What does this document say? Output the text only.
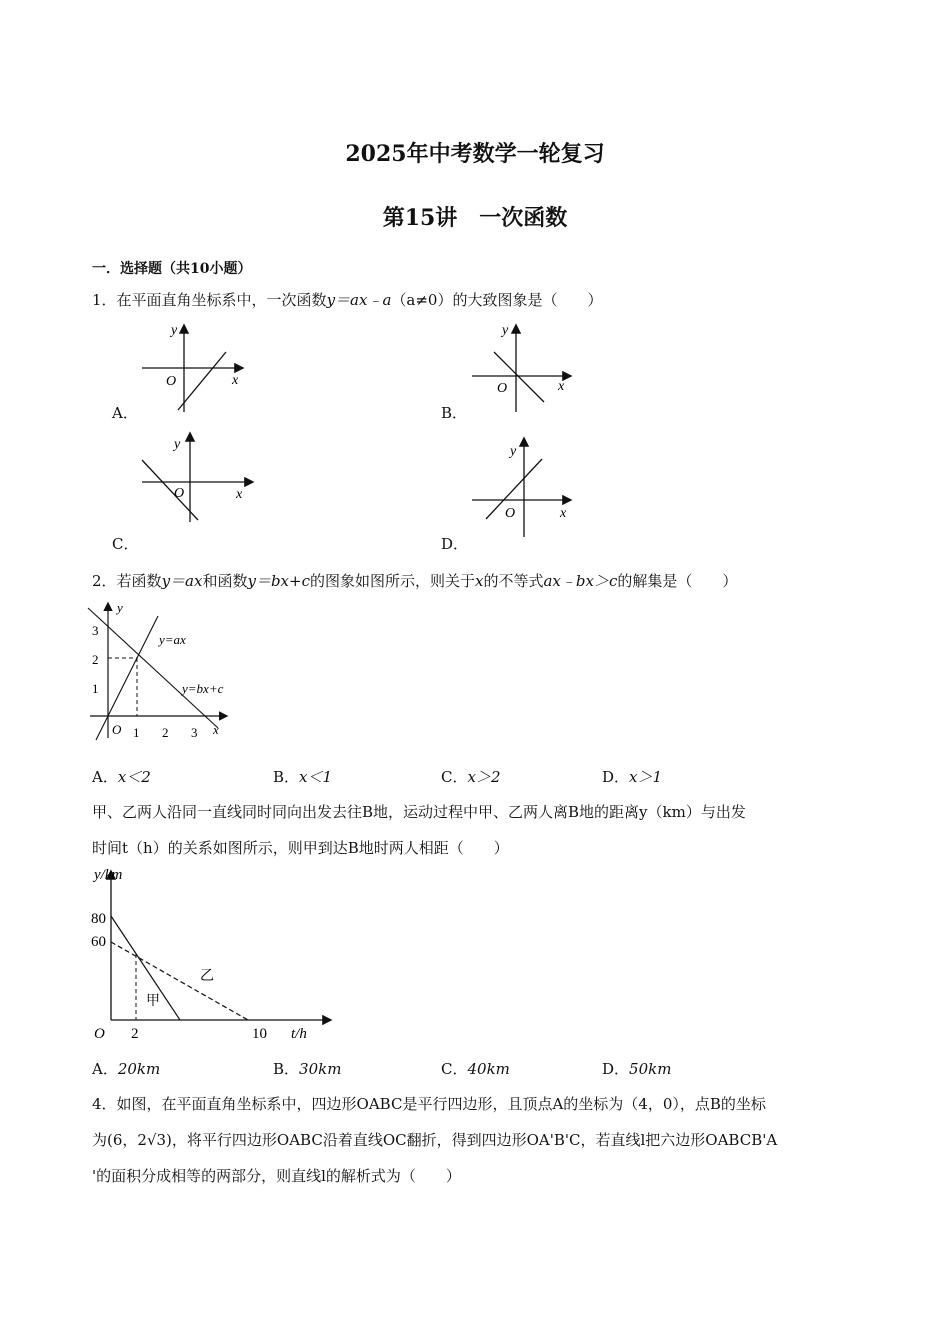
2025年中考数学一轮复习
第15讲　一次函数
一．选择题（共10小题）
1．在平面直角坐标系中，一次函数y＝ax﹣a（a≠0）的大致图象是（　　）
O	x
y
A．
O	x
y
B．
O	x
y
C．
O	x
y
D．
2．若函数y＝ax和函数y＝bx+c的图象如图所示，则关于x的不等式ax﹣bx＞c的解集是（　　）
3
2
1
1 2 3
O	x
y
y=ax
y=bx+c
A．x＜2	B．x＜1	C．x＞2	D．x＞1
甲、乙两人沿同一直线同时同向出发去往B地，运动过程中甲、乙两人离B地的距离y（km）与出发
时间t（h）的关系如图所示，则甲到达B地时两人相距（　　）
y/km
80
60
O 2	10 t/h
甲
乙
A．20km	B．30km	C．40km	D．50km
4．如图，在平面直角坐标系中，四边形OABC是平行四边形，且顶点A的坐标为（4，0），点B的坐标
为(6，2√3)，将平行四边形OABC沿着直线OC翻折，得到四边形OA'B'C，若直线l把六边形OABCB'A
'的面积分成相等的两部分，则直线l的解析式为（　　）
